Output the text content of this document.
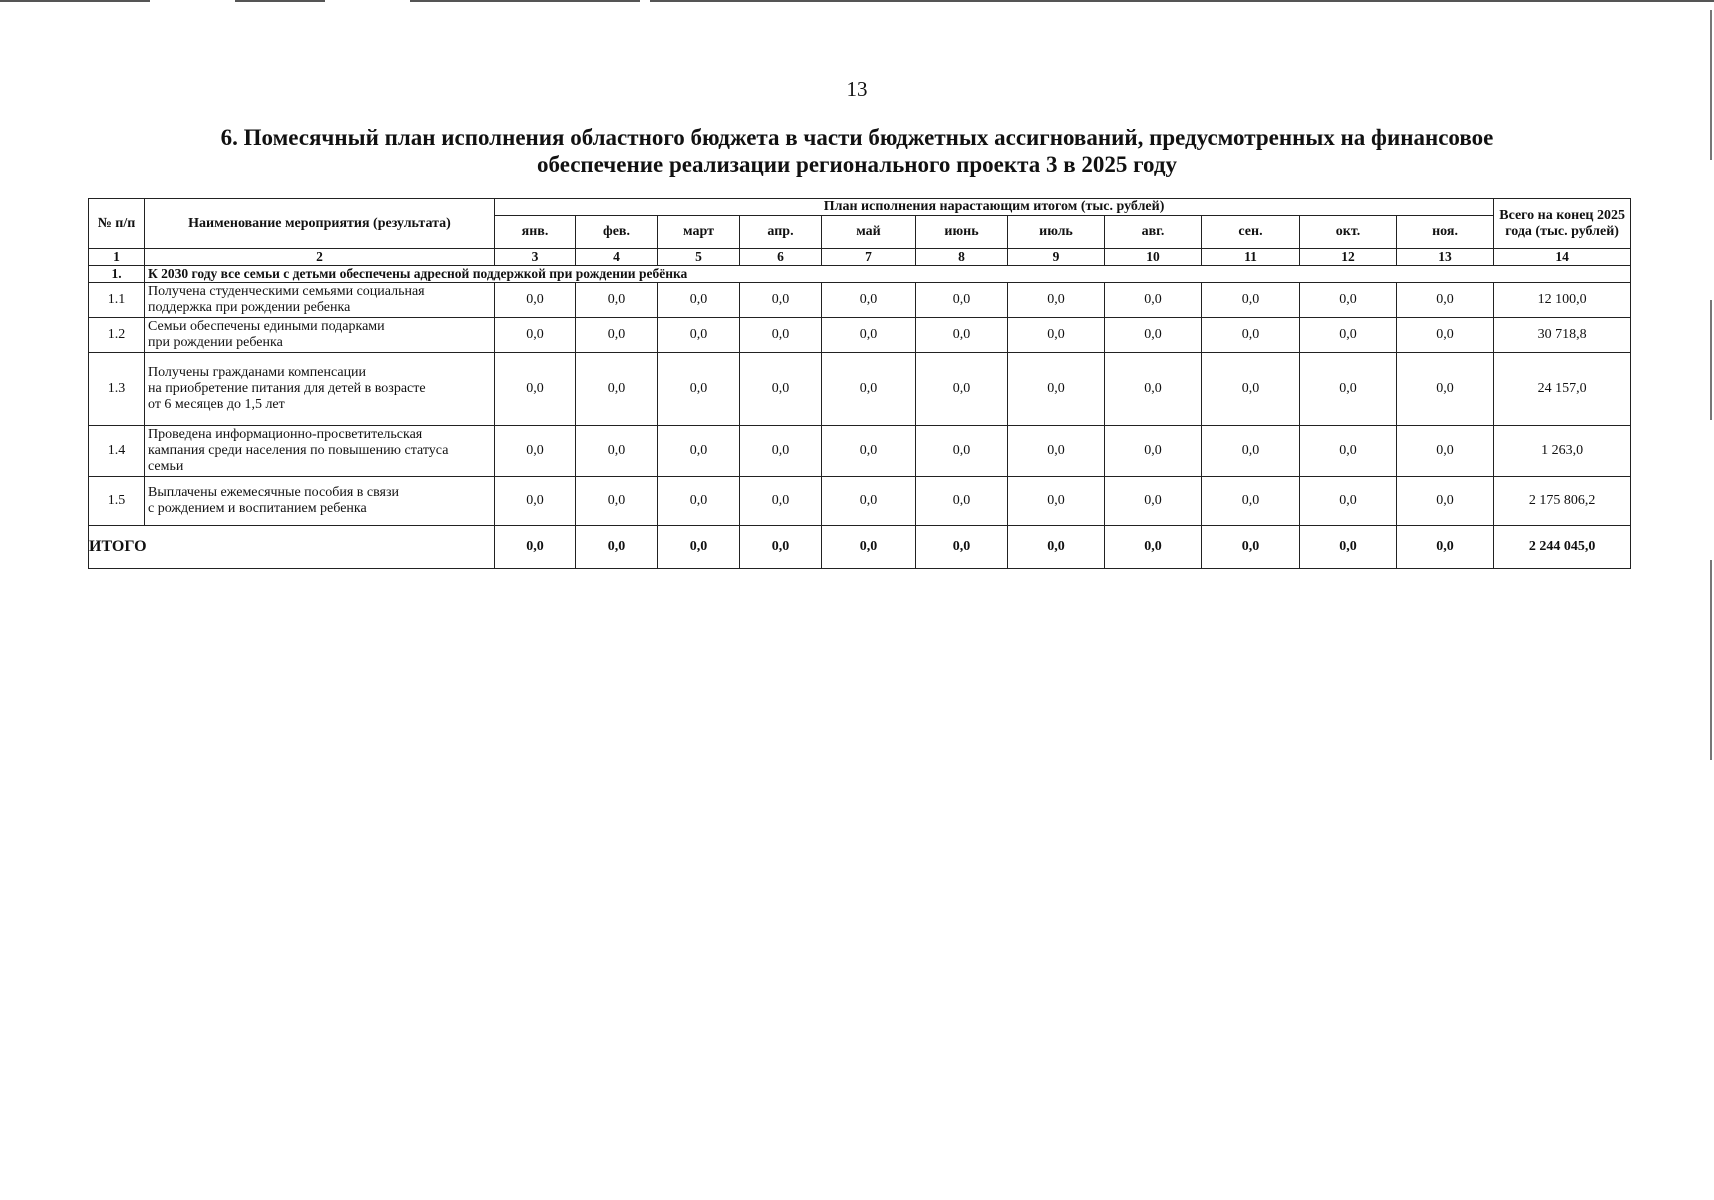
13
6. Помесячный план исполнения областного бюджета в части бюджетных ассигнований, предусмотренных на финансовое
обеспечение реализации регионального проекта 3 в 2025 году
№ п/п	Наименование мероприятия (результата)	План исполнения нарастающим итогом (тыс. рублей)											Всего на конец 2025 года (тыс. рублей)
		янв.	фев.	март	апр.	май	июнь	июль	авг.	сен.	окт.	ноя.	
1	2	3	4	5	6	7	8	9	10	11	12	13	14
1.	К 2030 году все семьи с детьми обеспечены адресной поддержкой при рождении ребёнка												
1.1	Получена студенческими семьями социальная
поддержка при рождении ребенка	0,0	0,0	0,0	0,0	0,0	0,0	0,0	0,0	0,0	0,0	0,0	12 100,0
1.2	Семьи обеспечены едиными подарками
при рождении ребенка	0,0	0,0	0,0	0,0	0,0	0,0	0,0	0,0	0,0	0,0	0,0	30 718,8
1.3	Получены гражданами компенсации
на приобретение питания для детей в возрасте
от 6 месяцев до 1,5 лет	0,0	0,0	0,0	0,0	0,0	0,0	0,0	0,0	0,0	0,0	0,0	24 157,0
1.4	Проведена информационно-просветительская
кампания среди населения по повышению статуса
семьи	0,0	0,0	0,0	0,0	0,0	0,0	0,0	0,0	0,0	0,0	0,0	1 263,0
1.5	Выплачены ежемесячные пособия в связи
с рождением и воспитанием ребенка	0,0	0,0	0,0	0,0	0,0	0,0	0,0	0,0	0,0	0,0	0,0	2 175 806,2
ИТОГО		0,0	0,0	0,0	0,0	0,0	0,0	0,0	0,0	0,0	0,0	0,0	2 244 045,0
